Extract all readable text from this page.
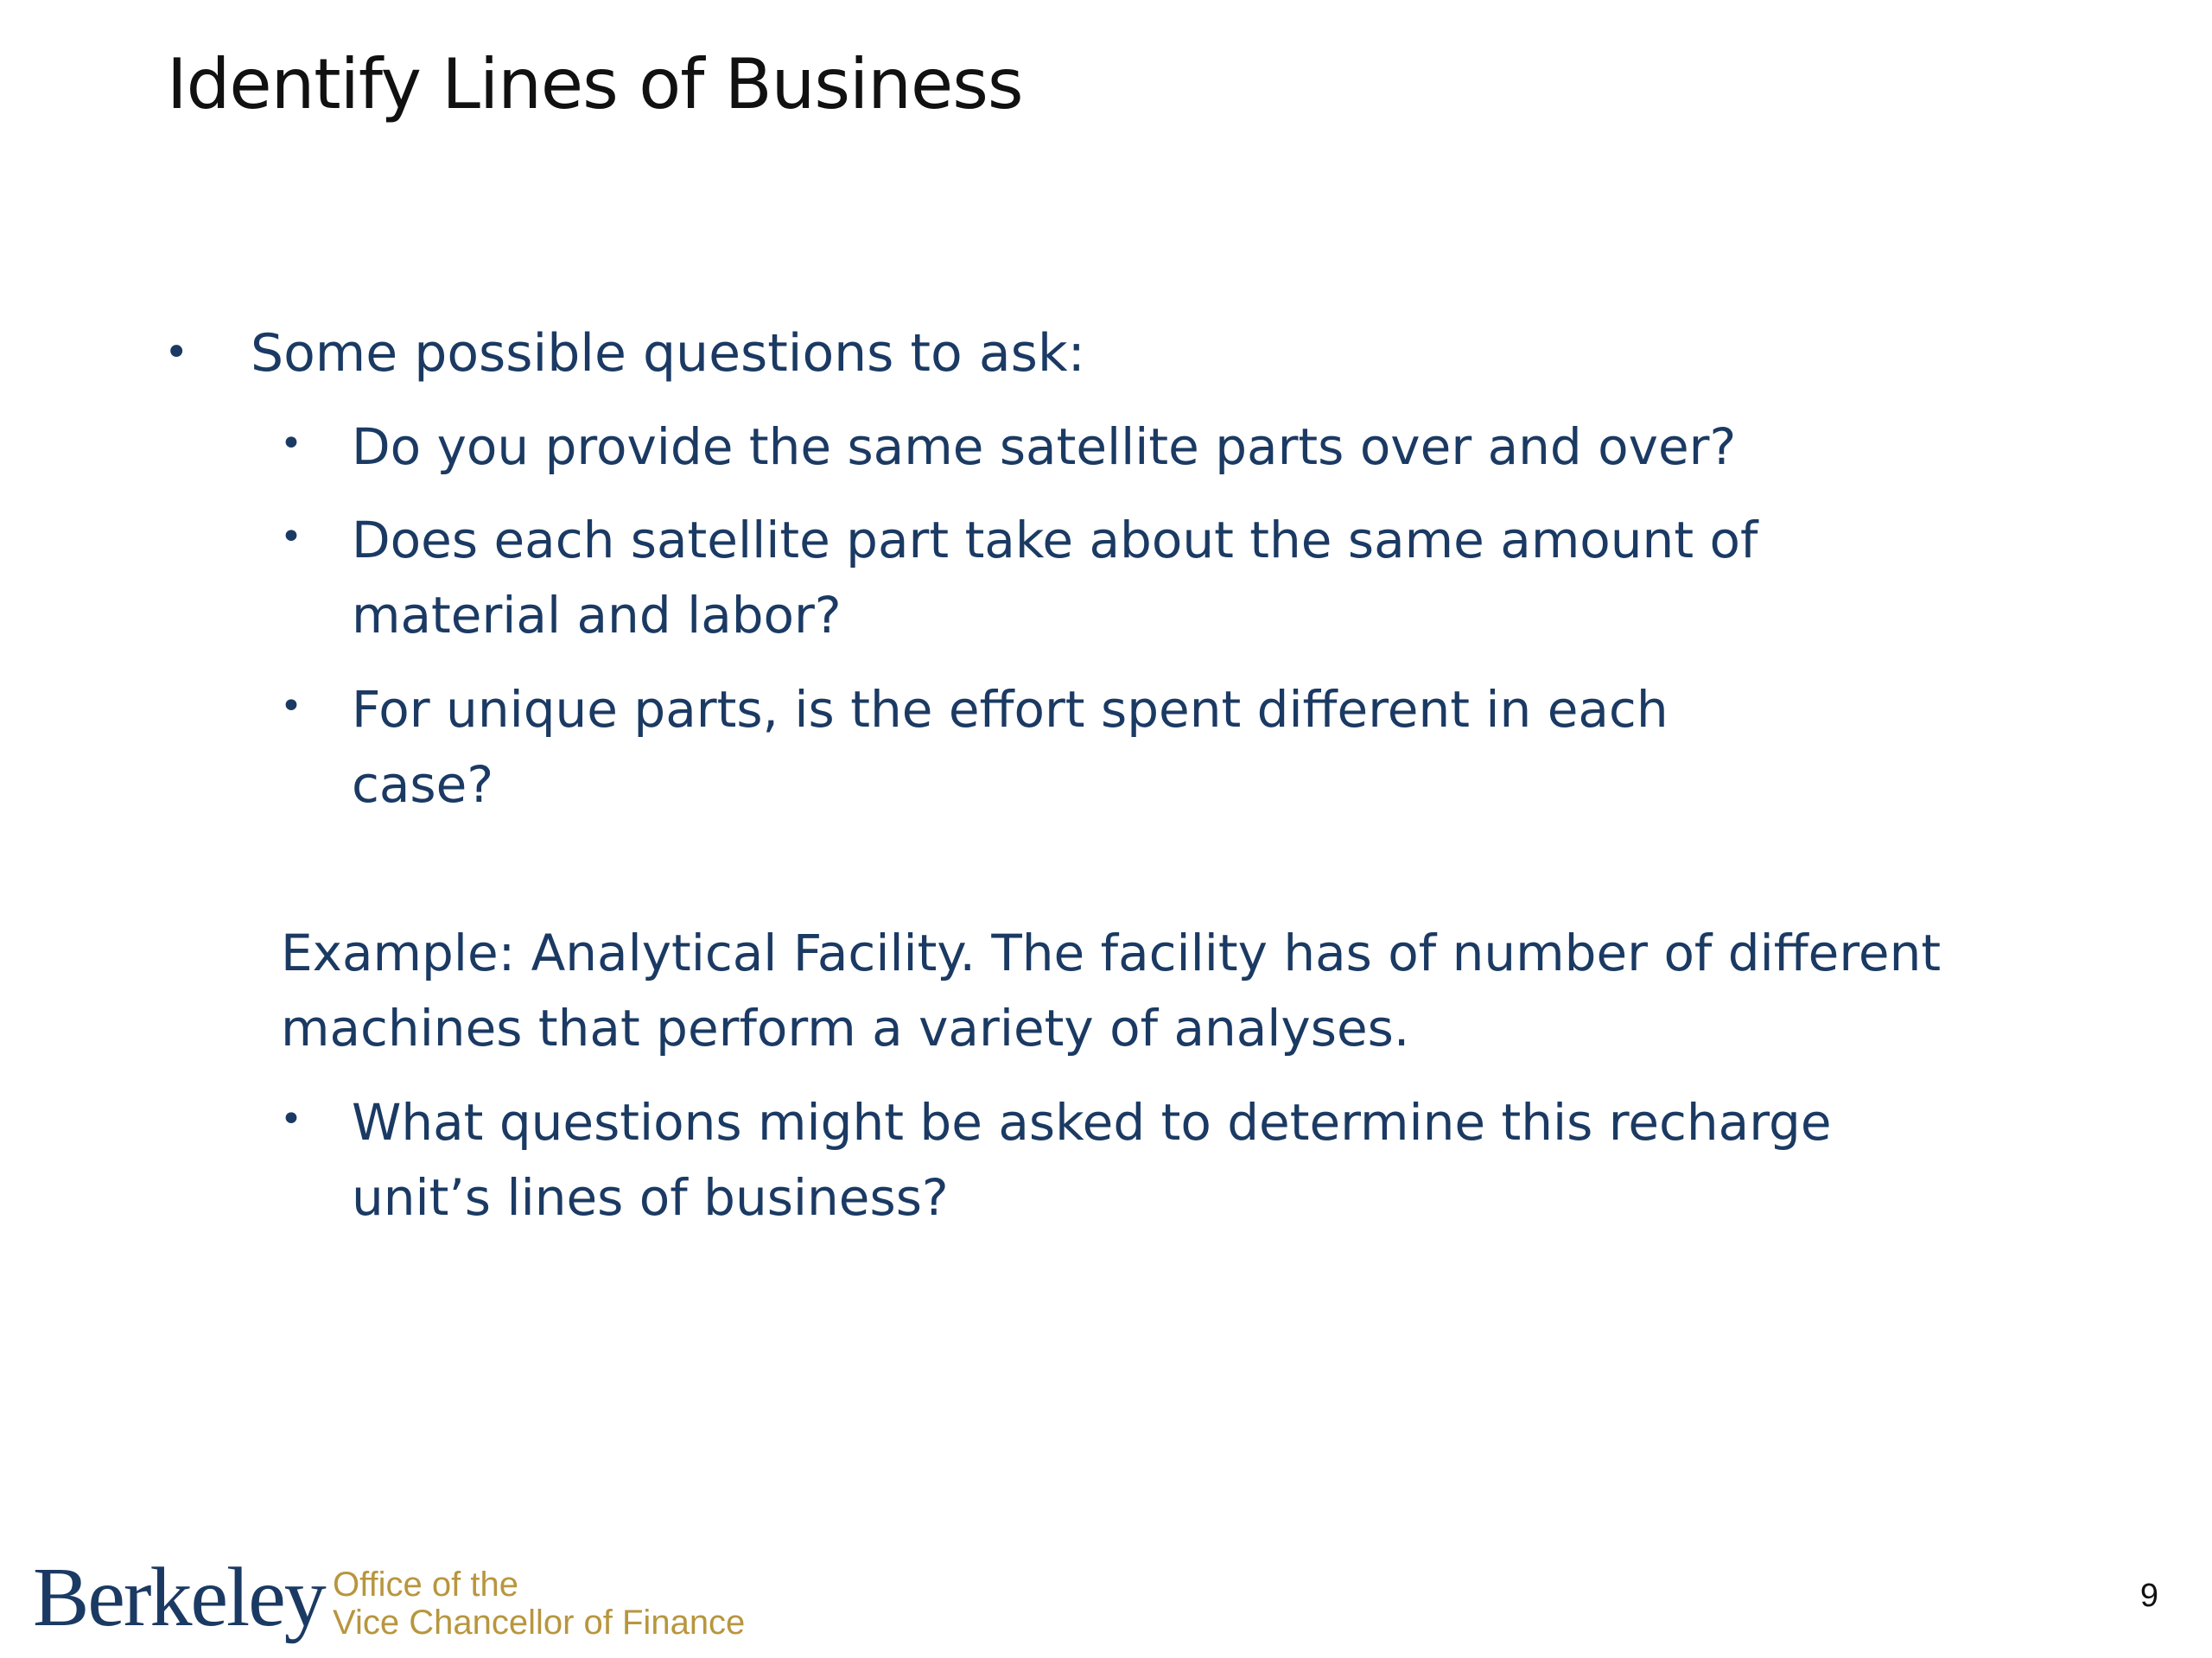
Identify Lines of Business
• Some possible questions to ask:
• Do you provide the same satellite parts over and over?
• Does each satellite part take about the same amount of
material and labor?
• For unique parts, is the effort spent different in each
case?
Example: Analytical Facility. The facility has of number of different
machines that perform a variety of analyses.
• What questions might be asked to determine this recharge
unit’s lines of business?
Berkeley Office of the
Vice Chancellor of Finance
9
